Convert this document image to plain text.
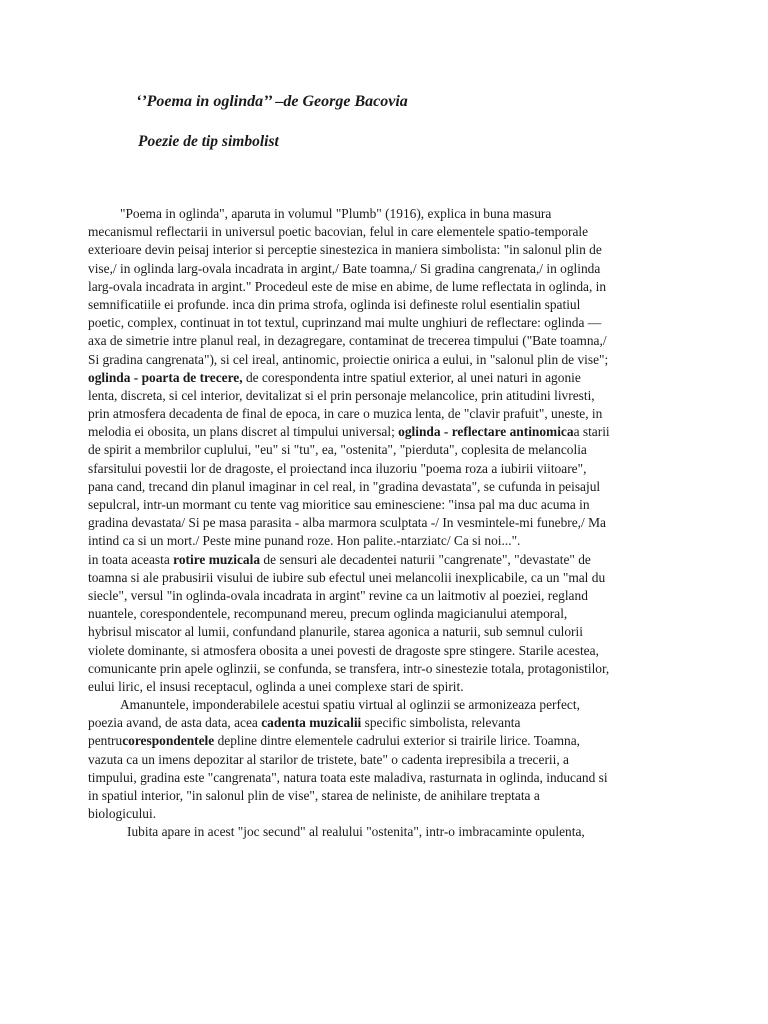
‘’Poema in oglinda’’ –de George Bacovia
Poezie de tip simbolist
"Poema in oglinda", aparuta in volumul "Plumb" (1916), explica in buna masura
mecanismul reflectarii in universul poetic bacovian, felul in care elementele spatio-temporale
exterioare devin peisaj interior si perceptie sinestezica in maniera simbolista: "in salonul plin de
vise,/ in oglinda larg-ovala incadrata in argint,/ Bate toamna,/ Si gradina cangrenata,/ in oglinda
larg-ovala incadrata in argint." Procedeul este de mise en abime, de lume reflectata in oglinda, in
semnificatiile ei profunde. inca din prima strofa, oglinda isi defineste rolul esentialin spatiul
poetic, complex, continuat in tot textul, cuprinzand mai multe unghiuri de reflectare: oglinda —
axa de simetrie intre planul real, in dezagregare, contaminat de trecerea timpului ("Bate toamna,/
Si gradina cangrenata"), si cel ireal, antinomic, proiectie onirica a eului, in "salonul plin de vise";
oglinda - poarta de trecere, de corespondenta intre spatiul exterior, al unei naturi in agonie
lenta, discreta, si cel interior, devitalizat si el prin personaje melancolice, prin atitudini livresti,
prin atmosfera decadenta de final de epoca, in care o muzica lenta, de "clavir prafuit", uneste, in
melodia ei obosita, un plans discret al timpului universal; oglinda - reflectare antinomicaa starii
de spirit a membrilor cuplului, "eu" si "tu", ea, "ostenita", "pierduta", coplesita de melancolia
sfarsitului povestii lor de dragoste, el proiectand inca iluzoriu "poema roza a iubirii viitoare",
pana cand, trecand din planul imaginar in cel real, in "gradina devastata", se cufunda in peisajul
sepulcral, intr-un mormant cu tente vag mioritice sau eminesciene: "insa pal ma duc acuma in
gradina devastata/ Si pe masa parasita - alba marmora sculptata -/ In vesmintele-mi funebre,/ Ma
intind ca si un mort./ Peste mine punand roze. Hon palite.-ntarziatc/ Ca si noi...".
in toata aceasta rotire muzicala de sensuri ale decadentei naturii "cangrenate", "devastate" de
toamna si ale prabusirii visului de iubire sub efectul unei melancolii inexplicabile, ca un "mal du
siecle", versul "in oglinda-ovala incadrata in argint" revine ca un laitmotiv al poeziei, regland
nuantele, corespondentele, recompunand mereu, precum oglinda magicianului atemporal,
hybrisul miscator al lumii, confundand planurile, starea agonica a naturii, sub semnul culorii
violete dominante, si atmosfera obosita a unei povesti de dragoste spre stingere. Starile acestea,
comunicante prin apele oglinzii, se confunda, se transfera, intr-o sinestezie totala, protagonistilor,
eului liric, el insusi receptacul, oglinda a unei complexe stari de spirit.
Amanuntele, imponderabilele acestui spatiu virtual al oglinzii se armonizeaza perfect,
poezia avand, de asta data, acea cadenta muzicalii specific simbolista, relevanta
pentrucorespondentele depline dintre elementele cadrului exterior si trairile lirice. Toamna,
vazuta ca un imens depozitar al starilor de tristete, bate" o cadenta irepresibila a trecerii, a
timpului, gradina este "cangrenata", natura toata este maladiva, rasturnata in oglinda, inducand si
in spatiul interior, "in salonul plin de vise", starea de neliniste, de anihilare treptata a
biologicului.
Iubita apare in acest "joc secund" al realului "ostenita", intr-o imbracaminte opulenta,
